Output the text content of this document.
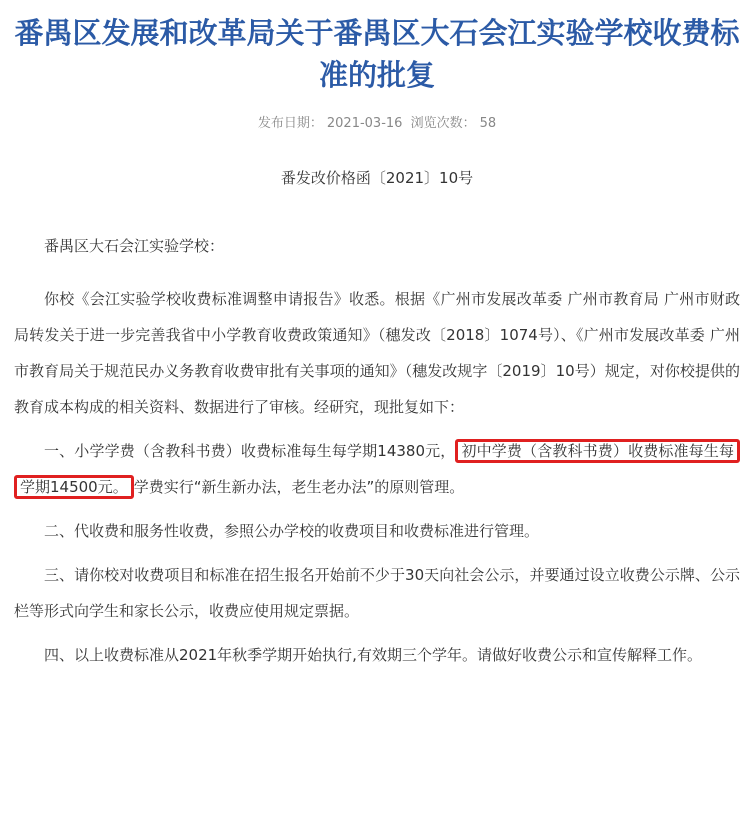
番禺区发展和改革局关于番禺区大石会江实验学校收费标准的批复
发布日期： 2021-03-16 浏览次数： 58
番发改价格函〔2021〕10号

番禺区大石会江实验学校：

你校《会江实验学校收费标准调整申请报告》收悉。根据《广州市发展改革委 广州市教育局 广州市财政局转发关于进一步完善我省中小学教育收费政策通知》（穗发改〔2018〕1074号）、《广州市发展改革委 广州市教育局关于规范民办义务教育收费审批有关事项的通知》（穗发改规字〔2019〕10号）规定，对你校提供的教育成本构成的相关资料、数据进行了审核。经研究，现批复如下：

一、小学学费（含教科书费）收费标准每生每学期14380元， 初中学费（含教科书费）收费标准每生每学期14500元。 学费实行“新生新办法，老生老办法”的原则管理。

二、代收费和服务性收费，参照公办学校的收费项目和收费标准进行管理。

三、请你校对收费项目和标准在招生报名开始前不少于30天向社会公示，并要通过设立收费公示牌、公示栏等形式向学生和家长公示，收费应使用规定票据。

四、以上收费标准从2021年秋季学期开始执行,有效期三个学年。请做好收费公示和宣传解释工作。
